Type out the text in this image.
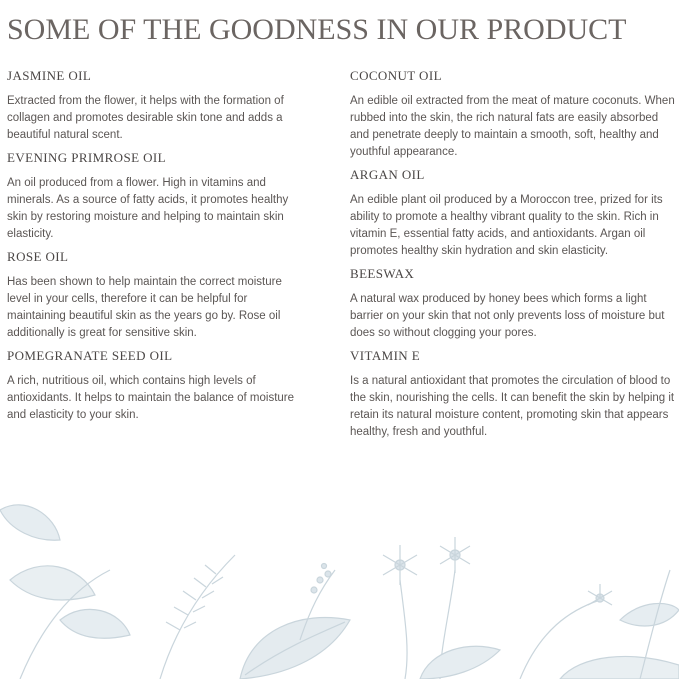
SOME OF THE GOODNESS IN OUR PRODUCT
JASMINE OIL

Extracted from the flower, it helps with the formation of collagen and promotes desirable skin tone and adds a beautiful natural scent.

EVENING PRIMROSE OIL

An oil produced from a flower. High in vitamins and minerals. As a source of fatty acids, it promotes healthy skin by restoring moisture and helping to maintain skin elasticity.

ROSE OIL

Has been shown to help maintain the correct moisture level in your cells, therefore it can be helpful for maintaining beautiful skin as the years go by. Rose oil additionally is great for sensitive skin.

POMEGRANATE SEED OIL

A rich, nutritious oil, which contains high levels of antioxidants. It helps to maintain the balance of moisture and elasticity to your skin.

COCONUT OIL

An edible oil extracted from the meat of mature coconuts. When rubbed into the skin, the rich natural fats are easily absorbed and penetrate deeply to maintain a smooth, soft, healthy and youthful appearance.

ARGAN OIL

An edible plant oil produced by a Moroccon tree, prized for its ability to promote a healthy vibrant quality to the skin. Rich in vitamin E, essential fatty acids, and antioxidants. Argan oil promotes healthy skin hydration and skin elasticity.

BEESWAX

A natural wax produced by honey bees which forms a light barrier on your skin that not only prevents loss of moisture but does so without clogging your pores.

VITAMIN E

Is a natural antioxidant that promotes the circulation of blood to the skin, nourishing the cells. It can benefit the skin by helping it retain its natural moisture content, promoting skin that appears healthy, fresh and youthful.
